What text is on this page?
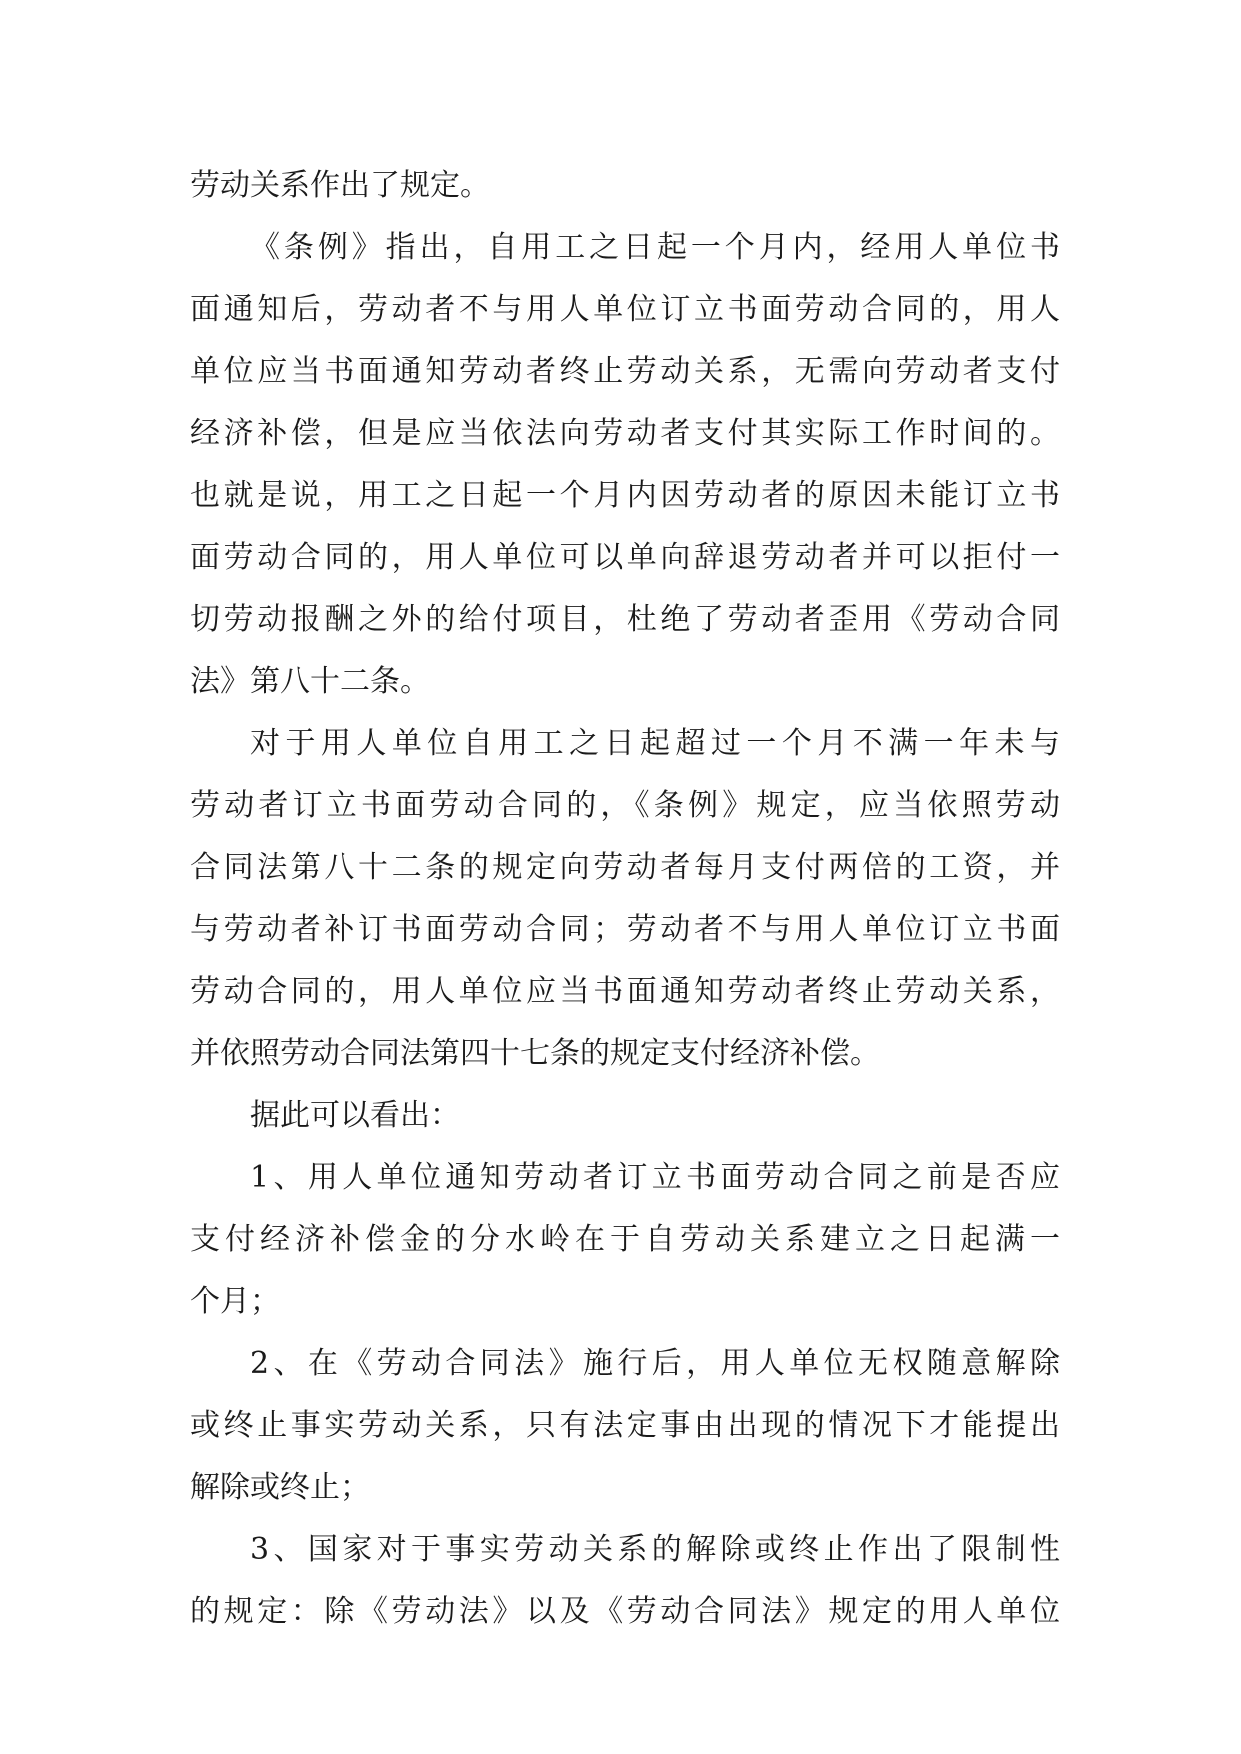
劳动关系作出了规定。
《条例》指出，自用工之日起一个月内，经用人单位书
面通知后，劳动者不与用人单位订立书面劳动合同的，用人
单位应当书面通知劳动者终止劳动关系，无需向劳动者支付
经济补偿，但是应当依法向劳动者支付其实际工作时间的。
也就是说，用工之日起一个月内因劳动者的原因未能订立书
面劳动合同的，用人单位可以单向辞退劳动者并可以拒付一
切劳动报酬之外的给付项目，杜绝了劳动者歪用《劳动合同
法》第八十二条。
对于用人单位自用工之日起超过一个月不满一年未与
劳动者订立书面劳动合同的，《条例》规定，应当依照劳动
合同法第八十二条的规定向劳动者每月支付两倍的工资，并
与劳动者补订书面劳动合同；劳动者不与用人单位订立书面
劳动合同的，用人单位应当书面通知劳动者终止劳动关系，
并依照劳动合同法第四十七条的规定支付经济补偿。
据此可以看出：
1、用人单位通知劳动者订立书面劳动合同之前是否应
支付经济补偿金的分水岭在于自劳动关系建立之日起满一
个月；
2、在《劳动合同法》施行后，用人单位无权随意解除
或终止事实劳动关系，只有法定事由出现的情况下才能提出
解除或终止；
3、国家对于事实劳动关系的解除或终止作出了限制性
的规定：除《劳动法》以及《劳动合同法》规定的用人单位
